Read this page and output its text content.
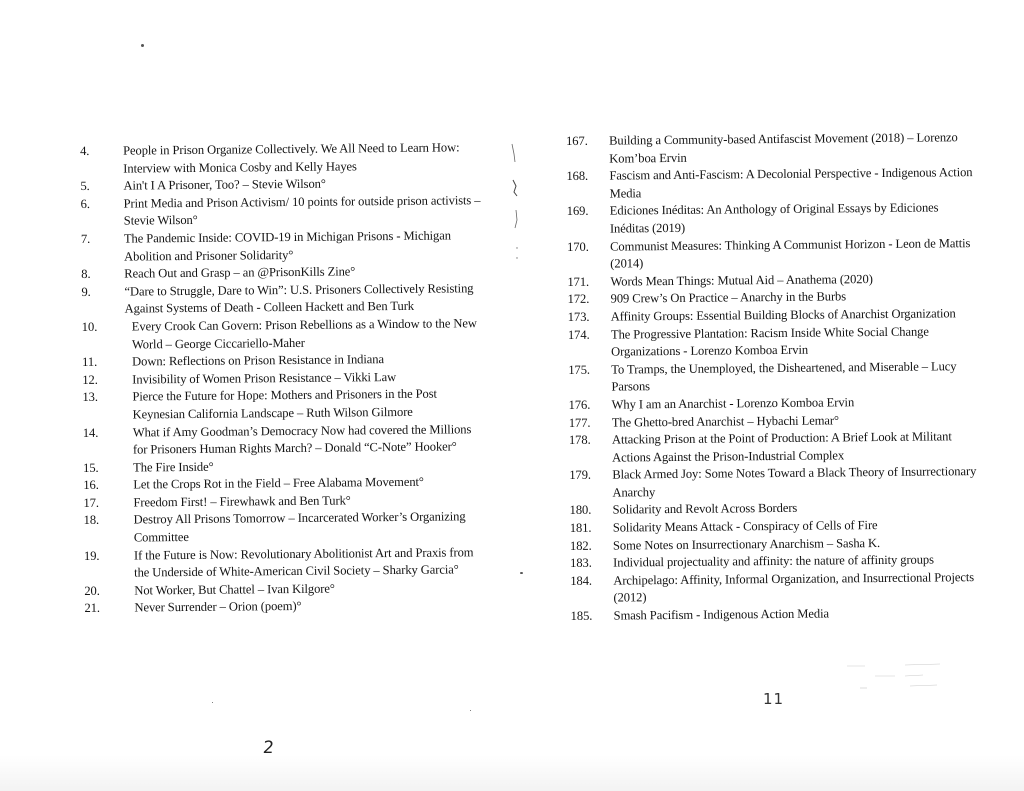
4.	People in Prison Organize Collectively. We All Need to Learn How: Interview with Monica Cosby and Kelly Hayes
5.	Ain't I A Prisoner, Too? – Stevie Wilson°
6.	Print Media and Prison Activism/ 10 points for outside prison activists – Stevie Wilson°
7.	The Pandemic Inside: COVID-19 in Michigan Prisons - Michigan Abolition and Prisoner Solidarity°
8.	Reach Out and Grasp – an @PrisonKills Zine°
9.	“Dare to Struggle, Dare to Win”: U.S. Prisoners Collectively Resisting Against Systems of Death - Colleen Hackett and Ben Turk
10.	Every Crook Can Govern: Prison Rebellions as a Window to the New World – George Ciccariello-Maher
11.	Down: Reflections on Prison Resistance in Indiana
12.	Invisibility of Women Prison Resistance – Vikki Law
13.	Pierce the Future for Hope: Mothers and Prisoners in the Post Keynesian California Landscape – Ruth Wilson Gilmore
14.	What if Amy Goodman’s Democracy Now had covered the Millions for Prisoners Human Rights March? – Donald “C-Note” Hooker°
15.	The Fire Inside°
16.	Let the Crops Rot in the Field – Free Alabama Movement°
17.	Freedom First! – Firewhawk and Ben Turk°
18.	Destroy All Prisons Tomorrow – Incarcerated Worker’s Organizing Committee
19.	If the Future is Now: Revolutionary Abolitionist Art and Praxis from the Underside of White-American Civil Society – Sharky Garcia°
20.	Not Worker, But Chattel – Ivan Kilgore°
21.	Never Surrender – Orion (poem)°
167.	Building a Community-based Antifascist Movement (2018) – Lorenzo Kom’boa Ervin
168.	Fascism and Anti-Fascism: A Decolonial Perspective - Indigenous Action Media
169.	Ediciones Inéditas: An Anthology of Original Essays by Ediciones Inéditas (2019)
170.	Communist Measures: Thinking A Communist Horizon - Leon de Mattis (2014)
171.	Words Mean Things: Mutual Aid – Anathema (2020)
172.	909 Crew’s On Practice – Anarchy in the Burbs
173.	Affinity Groups: Essential Building Blocks of Anarchist Organization
174.	The Progressive Plantation: Racism Inside White Social Change Organizations - Lorenzo Komboa Ervin
175.	To Tramps, the Unemployed, the Disheartened, and Miserable – Lucy Parsons
176.	Why I am an Anarchist - Lorenzo Komboa Ervin
177.	The Ghetto-bred Anarchist – Hybachi Lemar°
178.	Attacking Prison at the Point of Production: A Brief Look at Militant Actions Against the Prison-Industrial Complex
179.	Black Armed Joy: Some Notes Toward a Black Theory of Insurrectionary Anarchy
180.	Solidarity and Revolt Across Borders
181.	Solidarity Means Attack - Conspiracy of Cells of Fire
182.	Some Notes on Insurrectionary Anarchism – Sasha K.
183.	Individual projectuality and affinity: the nature of affinity groups
184.	Archipelago: Affinity, Informal Organization, and Insurrectional Projects (2012)
185.	Smash Pacifism - Indigenous Action Media
2
11
